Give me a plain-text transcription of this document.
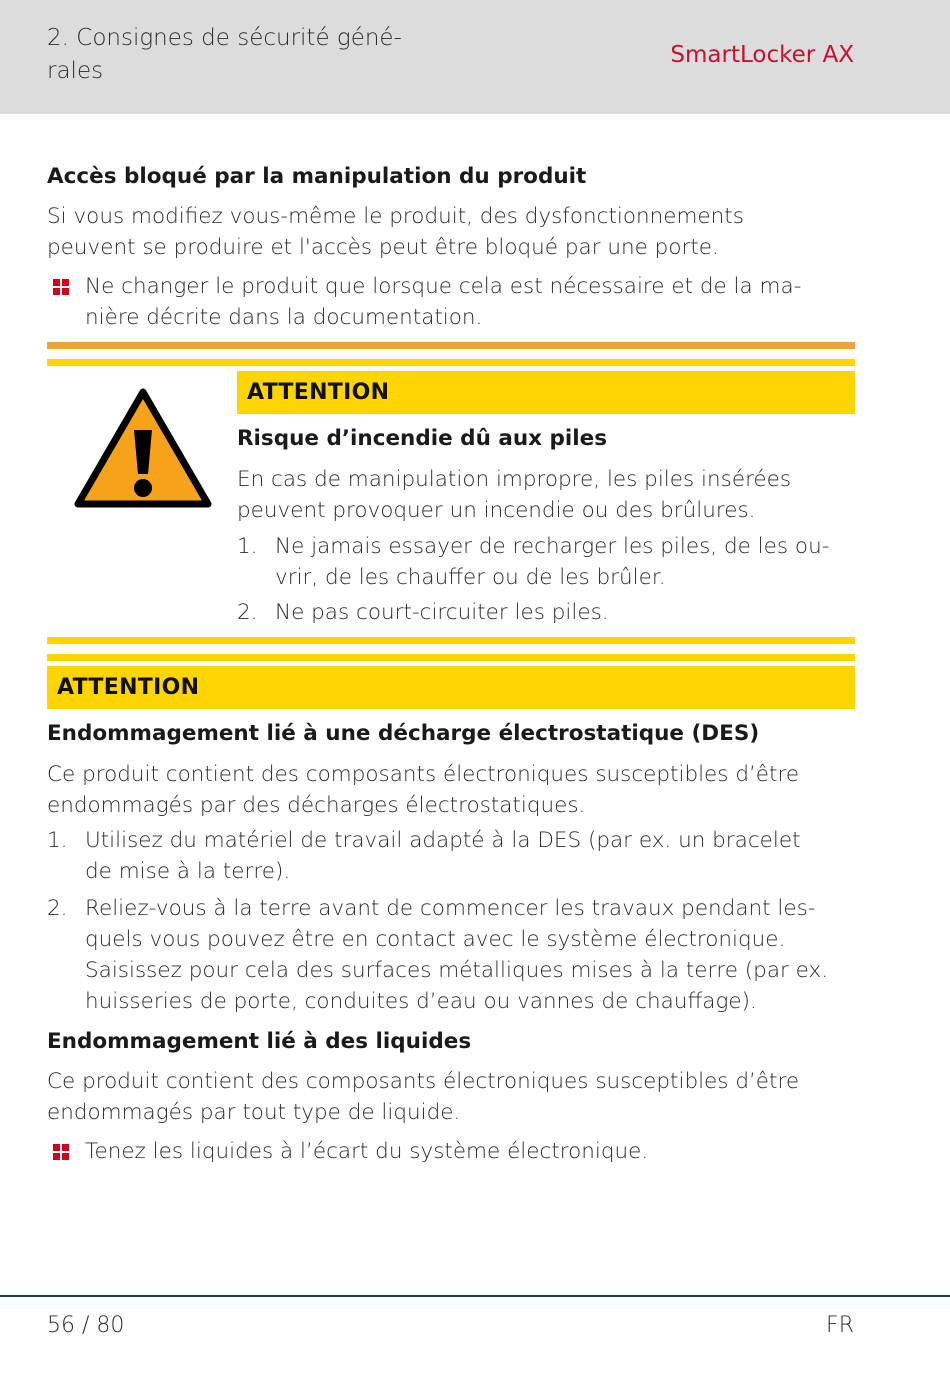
2. Consignes de sécurité géné-
rales
SmartLocker AX
Accès bloqué par la manipulation du produit
Si vous modifiez vous-même le produit, des dysfonctionnements
peuvent se produire et l'accès peut être bloqué par une porte.
Ne changer le produit que lorsque cela est nécessaire et de la ma-
nière décrite dans la documentation.
ATTENTION
Risque d’incendie dû aux piles
En cas de manipulation impropre, les piles insérées
peuvent provoquer un incendie ou des brûlures.
1. Ne jamais essayer de recharger les piles, de les ou-
vrir, de les chauffer ou de les brûler.
2. Ne pas court-circuiter les piles.
ATTENTION
Endommagement lié à une décharge électrostatique (DES)
Ce produit contient des composants électroniques susceptibles d’être
endommagés par des décharges électrostatiques.
1. Utilisez du matériel de travail adapté à la DES (par ex. un bracelet
de mise à la terre).
2. Reliez-vous à la terre avant de commencer les travaux pendant les-
quels vous pouvez être en contact avec le système électronique.
Saisissez pour cela des surfaces métalliques mises à la terre (par ex.
huisseries de porte, conduites d’eau ou vannes de chauffage).
Endommagement lié à des liquides
Ce produit contient des composants électroniques susceptibles d’être
endommagés par tout type de liquide.
Tenez les liquides à l’écart du système électronique.
56 / 80	FR
